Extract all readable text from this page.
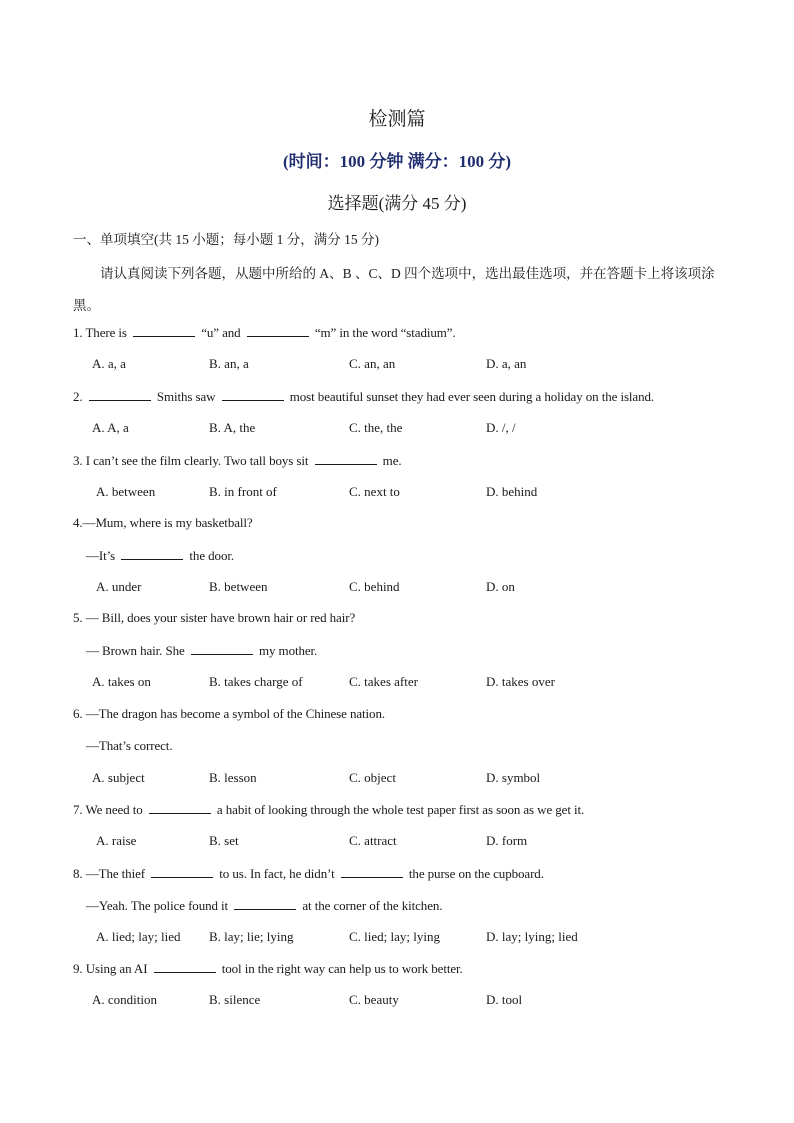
检测篇
(时间：100 分钟 满分：100 分)
选择题(满分 45 分)
一、单项填空(共 15 小题；每小题 1 分，满分 15 分)
请认真阅读下列各题，从题中所给的 A、B 、C、D 四个选项中，选出最佳选项，并在答题卡上将该项涂黑。
1. There is	“u” and	“m” in the word “stadium”.
A. a, a	B. an, a	C. an, an	D. a, an
2.	Smiths saw	most beautiful sunset they had ever seen during a holiday on the island.
A. A, a	B. A, the	C. the, the	D. /, /
3. I can’t see the film clearly. Two tall boys sit	me.
A. between	B. in front of	C. next to	D. behind
4.—Mum, where is my basketball?
—It’s	the door.
A. under	B. between	C. behind	D. on
5. — Bill, does your sister have brown hair or red hair?
— Brown hair. She	my mother.
A. takes on	B. takes charge of	C. takes after	D. takes over
6. —The dragon has become a symbol of the Chinese nation.
—That’s correct.
A. subject	B. lesson	C. object	D. symbol
7. We need to	a habit of looking through the whole test paper first as soon as we get it.
A. raise	B. set	C. attract	D. form
8. —The thief	to us. In fact, he didn’t	the purse on the cupboard.
—Yeah. The police found it	at the corner of the kitchen.
A. lied; lay; lied B. lay; lie; lying	C. lied; lay; lying	D. lay; lying; lied
9. Using an AI	tool in the right way can help us to work better.
A. condition	B. silence	C. beauty	D. tool
